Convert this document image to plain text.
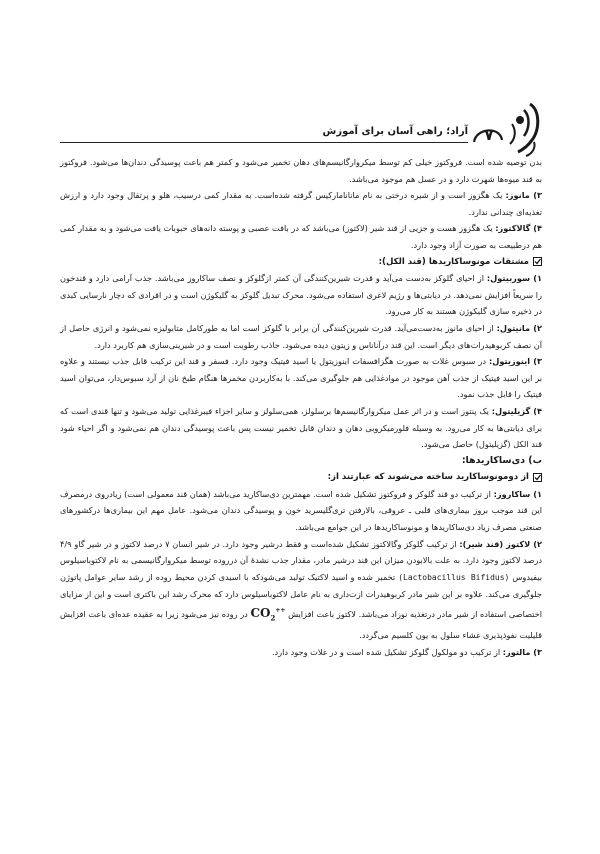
۷
آراد؛ راهی آسان برای آموزش

بدن توصیه شده است. فروکتوز خیلی کم توسط میکروارگانیسم‌های دهان تخمیر می‌شود و کمتر هم باعث پوسیدگی دندان‌ها می‌شود. فروکتوز به قند میوه‌ها شهرت دارد و در عسل هم موجود می‌باشد.

۳) مانوز: یک هگزوز است و از شیره درختی به نام مانانامارکیس گرفته شده‌است. به مقدار کمی درسیب، هلو و پرتقال وجود دارد و ارزش تغذیه‌ای چندانی ندارد.

۴) گالاکتوز: یک هگزوز هست و جزیی از قند شیر (لاکتوز) می‌باشد که در بافت عصبی و پوسته دانه‌های حبوبات یافت می‌شود و به مقدار کمی هم درطبیعت به صورت آزاد وجود دارد.

مشتقات مونوساکاریدها (قند الکل):

۱) سوربیتول: از احیای گلوکز به‌دست می‌آید و قدرت شیرین‌کنندگی آن کمتر ازگلوکز و نصف ساکاروز می‌باشد. جذب آرامی دارد و قندخون را سریعاً افزایش نمی‌دهد. در دیابتی‌ها و رژیم لاغری استفاده می‌شود. محرک تبدیل گلوکز به گلیکوژن است و در افرادی که دچار نارسایی کبدی در ذخیره سازی گلیکوژن هستند به کار می‌رود.

۲) مانیتول: از احیای مانوز به‌دست‌می‌آید. قدرت شیرین‌کنندگی آن برابر با گلوکز است اما به طورکامل متابولیزه نمی‌شود و انرژی حاصل از آن نصف کربوهیدرات‌های دیگر است. این قند درآناناس و زیتون دیده می‌شود. جاذب رطوبت است و در شیرینی‌سازی هم کاربرد دارد.

۳) اینوزیتول: در سبوس غلات به صورت هگزافسفات اینوزیتول یا اسید فیتیک وجود دارد. فسفر و قند این ترکیب قابل جذب نیستند و علاوه بر این اسید فیتیک از جذب آهن موجود در موادغذایی هم جلوگیری می‌کند. با به‌کاربردن مخمرها هنگام طبخ نان از آرد سبوس‌دار، می‌توان اسید فیتیک را قابل جذب نمود.

۴) گزیلیتول: یک پنتوز است و در اثر عمل میکروارگانیسم‌ها برسلولز، همی‌سلولز و سایر اجزاء فیبرغذایی تولید می‌شود و تنها قندی است که برای دیابتی‌ها به کار می‌رود. به وسیله فلورمیکروبی دهان و دندان قابل تخمیر نیست پس باعث پوسیدگی دندان هم نمی‌شود و اگر احیاء شود قند الکل (گزیلیتول) حاصل می‌شود.

ب) دی‌ساکاریدها:
از دومونوساکارید ساخته می‌شوند که عبارتند از:

۱) ساکاروز: از ترکیب دو قند گلوکز و فروکتوز تشکیل شده است. مهمترین دی‌ساکارید می‌باشد (همان قند معمولی است) زیادروی درمصرف این قند موجب بروز بیماری‌های قلبی ـ عروقی، بالارفتن تری‌گلیسرید خون و پوسیدگی دندان می‌شود. عامل مهم این بیماری‌ها درکشورهای صنعتی مصرف زیاد دی‌ساکاریدها و مونوساکاریدها در این جوامع می‌باشد.

۲) لاکتوز (قند شیر): از ترکیب گلوکز وگالاکتوز تشکیل شده‌است و فقط درشیر وجود دارد. در شیر انسان ۷ درصد لاکتوز و در شیر گاو ۴/۹ درصد لاکتوز وجود دارد. به علت بالابودن میزان این قند درشیر مادر، مقدار جذب نشدهٔ آن درروده توسط میکروارگانیسمی به نام لاکتوباسیلوس بیفیدوس (Lactobacillus Bifidus) تخمیر شده و اسید لاکتیک تولید می‌شودکه با اسیدی کردن محیط روده از رشد سایر عوامل پاتوژن جلوگیری می‌کند. علاوه بر این شیر مادر کربوهیدرات ازت‌داری به نام عامل لاکتوباسیلوس دارد که محرک رشد این باکتری است و این از مزایای اختصاصی استفاده از شیر مادر درتغذیه نوزاد می‌باشد. لاکتوز باعث افزایش $CO_2^{++}$ در روده نیز می‌شود زیرا به عقیده عده‌ای باعث افزایش قلیلیت نفوذپذیری غشاء سلول به یون کلسیم می‌گردد.

۳) مالتوز: از ترکیب دو مولکول گلوکز تشکیل شده است و در غلات وجود دارد.
